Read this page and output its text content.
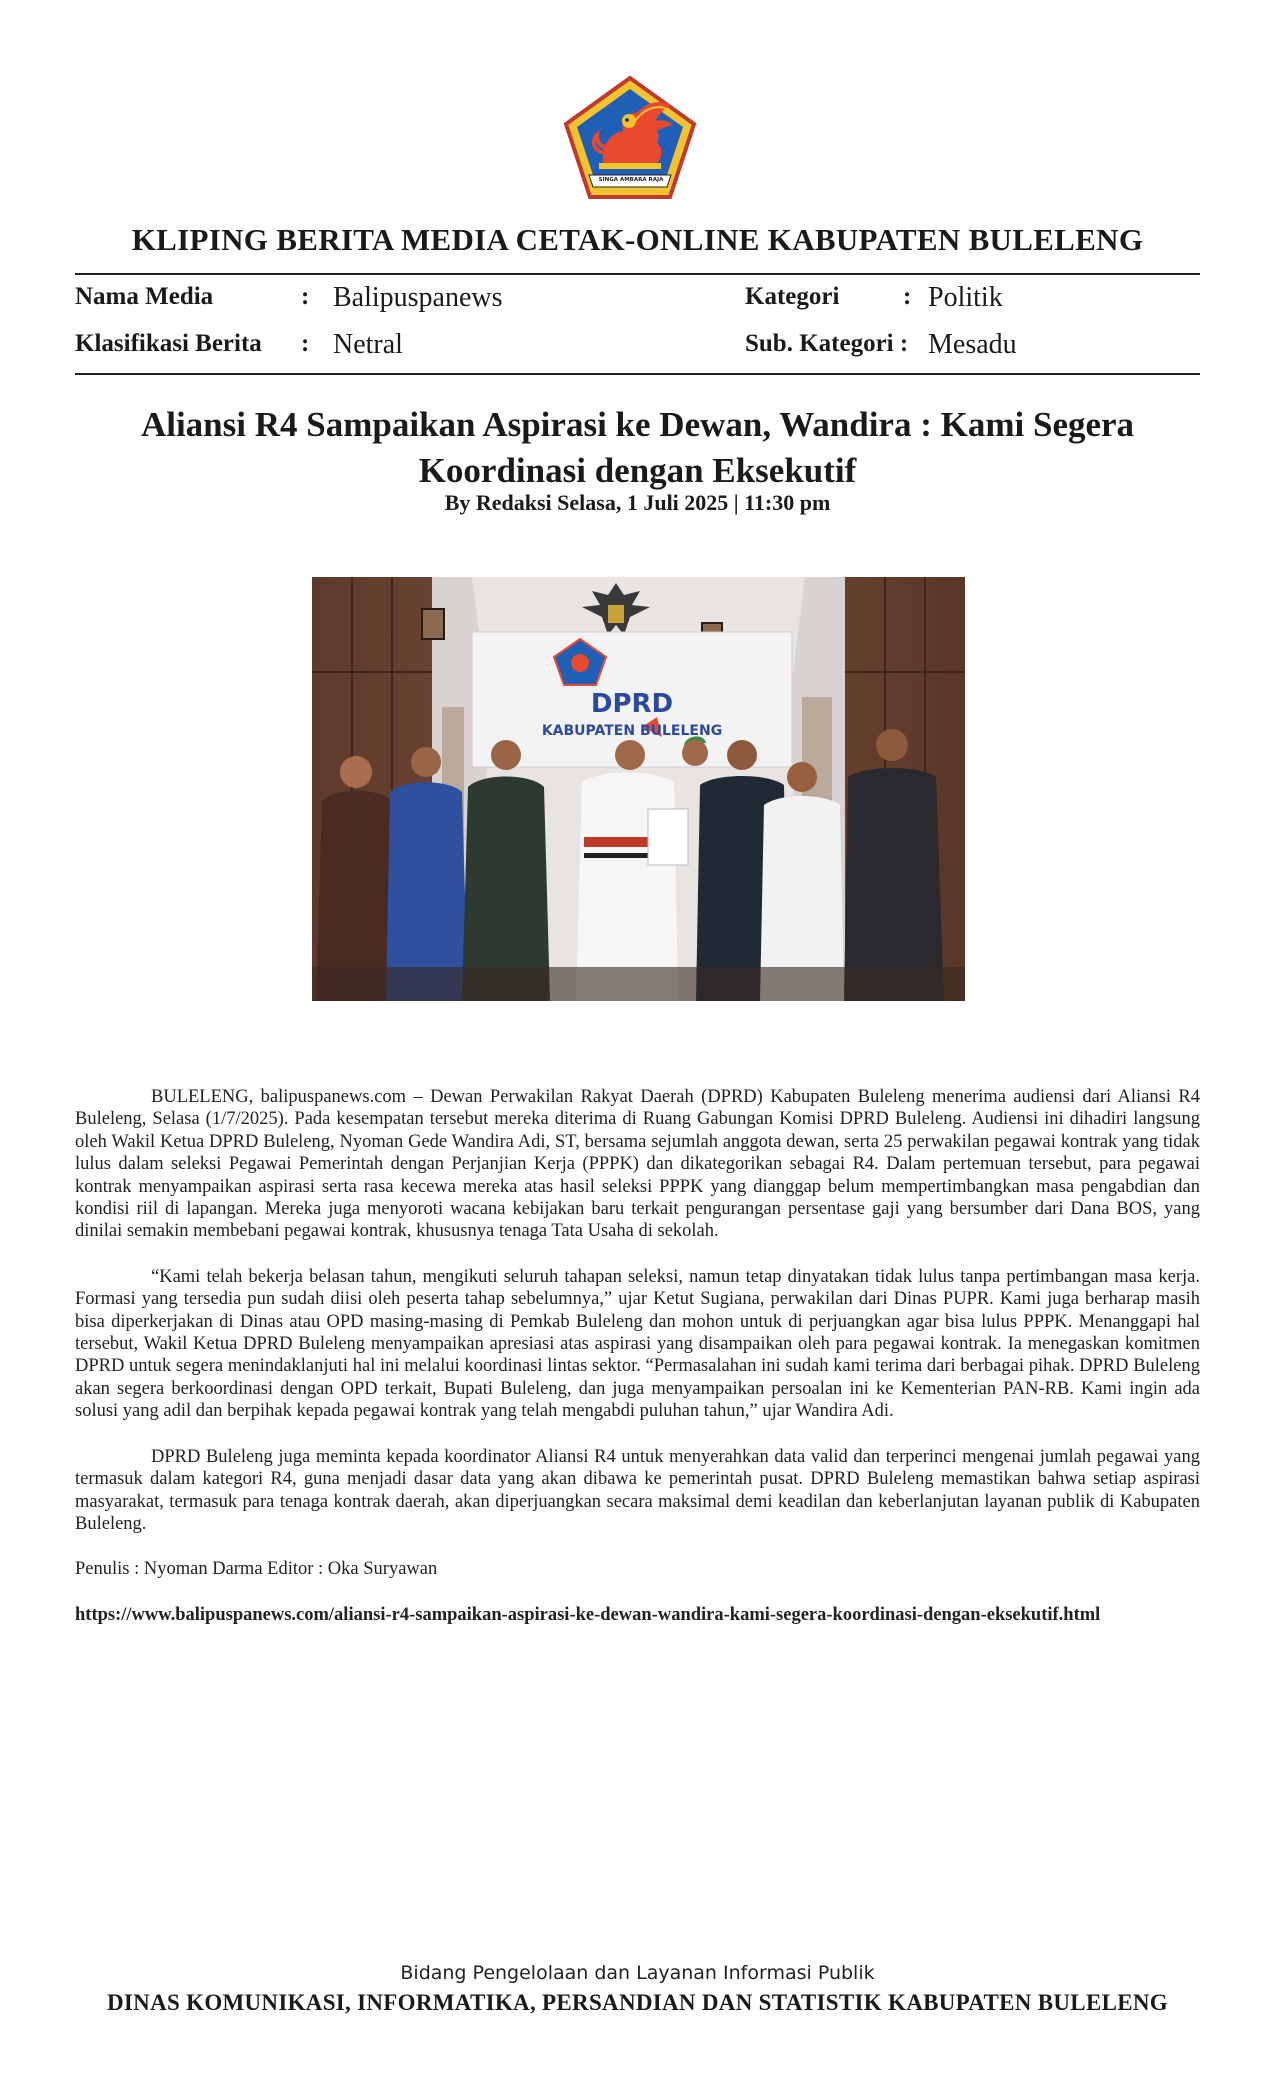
SINGA AMBARA RAJA
KLIPING BERITA MEDIA CETAK-ONLINE KABUPATEN BULELENG
Nama Media	: Balipuspanews
Klasifikasi Berita : Netral
Kategori	: Politik
Sub. Kategori : Mesadu
Aliansi R4 Sampaikan Aspirasi ke Dewan, Wandira : Kami Segera Koordinasi dengan Eksekutif
By Redaksi Selasa, 1 Juli 2025 | 11:30 pm
DPRD
KABUPATEN BULELENG

BULELENG, balipuspanews.com – Dewan Perwakilan Rakyat Daerah (DPRD) Kabupaten Buleleng menerima audiensi dari Aliansi R4 Buleleng, Selasa (1/7/2025). Pada kesempatan tersebut mereka diterima di Ruang Gabungan Komisi DPRD Buleleng. Audiensi ini dihadiri langsung oleh Wakil Ketua DPRD Buleleng, Nyoman Gede Wandira Adi, ST, bersama sejumlah anggota dewan, serta 25 perwakilan pegawai kontrak yang tidak lulus dalam seleksi Pegawai Pemerintah dengan Perjanjian Kerja (PPPK) dan dikategorikan sebagai R4. Dalam pertemuan tersebut, para pegawai kontrak menyampaikan aspirasi serta rasa kecewa mereka atas hasil seleksi PPPK yang dianggap belum mempertimbangkan masa pengabdian dan kondisi riil di lapangan. Mereka juga menyoroti wacana kebijakan baru terkait pengurangan persentase gaji yang bersumber dari Dana BOS, yang dinilai semakin membebani pegawai kontrak, khususnya tenaga Tata Usaha di sekolah.

“Kami telah bekerja belasan tahun, mengikuti seluruh tahapan seleksi, namun tetap dinyatakan tidak lulus tanpa pertimbangan masa kerja. Formasi yang tersedia pun sudah diisi oleh peserta tahap sebelumnya,” ujar Ketut Sugiana, perwakilan dari Dinas PUPR. Kami juga berharap masih bisa diperkerjakan di Dinas atau OPD masing-masing di Pemkab Buleleng dan mohon untuk di perjuangkan agar bisa lulus PPPK. Menanggapi hal tersebut, Wakil Ketua DPRD Buleleng menyampaikan apresiasi atas aspirasi yang disampaikan oleh para pegawai kontrak. Ia menegaskan komitmen DPRD untuk segera menindaklanjuti hal ini melalui koordinasi lintas sektor. “Permasalahan ini sudah kami terima dari berbagai pihak. DPRD Buleleng akan segera berkoordinasi dengan OPD terkait, Bupati Buleleng, dan juga menyampaikan persoalan ini ke Kementerian PAN-RB. Kami ingin ada solusi yang adil dan berpihak kepada pegawai kontrak yang telah mengabdi puluhan tahun,” ujar Wandira Adi.

DPRD Buleleng juga meminta kepada koordinator Aliansi R4 untuk menyerahkan data valid dan terperinci mengenai jumlah pegawai yang termasuk dalam kategori R4, guna menjadi dasar data yang akan dibawa ke pemerintah pusat. DPRD Buleleng memastikan bahwa setiap aspirasi masyarakat, termasuk para tenaga kontrak daerah, akan diperjuangkan secara maksimal demi keadilan dan keberlanjutan layanan publik di Kabupaten Buleleng.

Penulis : Nyoman Darma Editor : Oka Suryawan

https://www.balipuspanews.com/aliansi-r4-sampaikan-aspirasi-ke-dewan-wandira-kami-segera-koordinasi-dengan-eksekutif.html

Bidang Pengelolaan dan Layanan Informasi Publik
DINAS KOMUNIKASI, INFORMATIKA, PERSANDIAN DAN STATISTIK KABUPATEN BULELENG
